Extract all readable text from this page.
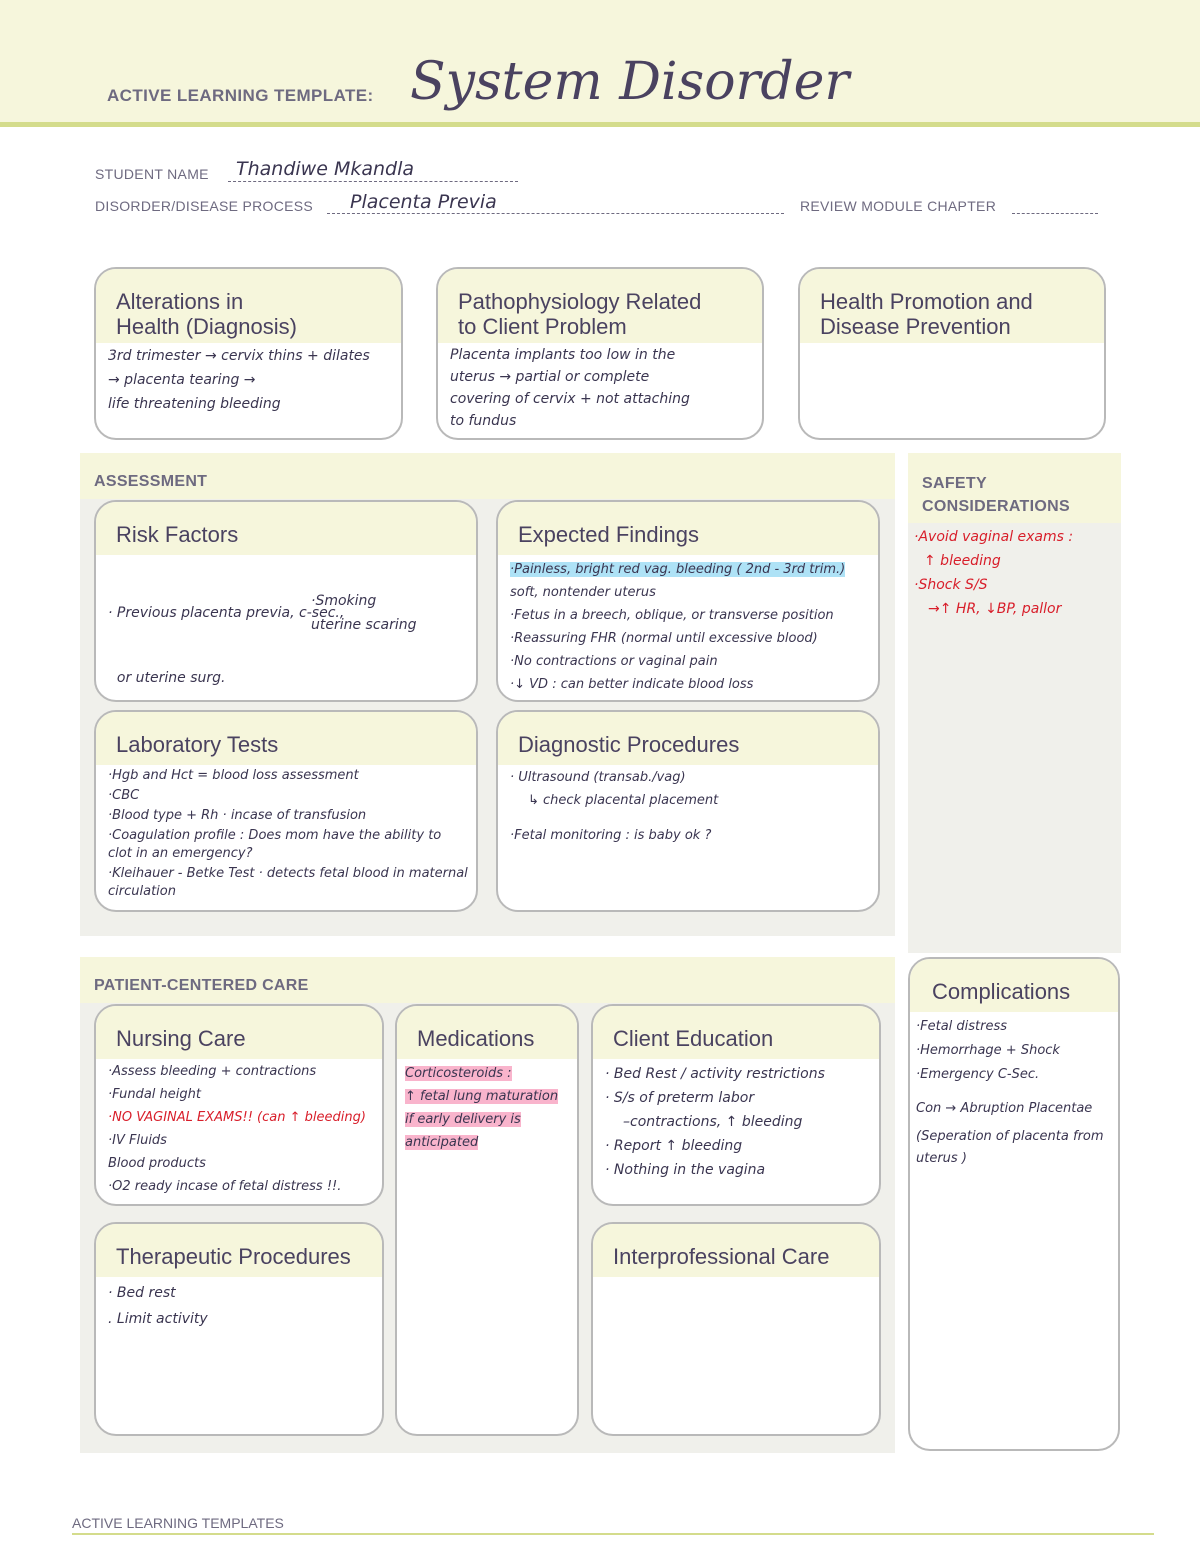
ACTIVE LEARNING TEMPLATE: System Disorder
STUDENT NAME Thandiwe Mkandla
DISORDER/DISEASE PROCESS Placenta Previa	REVIEW MODULE CHAPTER
Alterations in
Health (Diagnosis)
3rd trimester → cervix thins + dilates
→ placenta tearing →
life threatening bleeding
Pathophysiology Related
to Client Problem
Placenta implants too low in the
uterus → partial or complete
covering of cervix + not attaching
to fundus
Health Promotion and
Disease Prevention
ASSESSMENT
Risk Factors

· Previous placenta previa, c-sec.,

or uterine surg.

·Smoking
uterine scaring
Expected Findings
·Painless, bright red vag. bleeding ( 2nd - 3rd trim.)
soft, nontender uterus
·Fetus in a breech, oblique, or transverse position
·Reassuring FHR (normal until excessive blood)
·No contractions or vaginal pain
·↓ VD : can better indicate blood loss
Laboratory Tests
·Hgb and Hct = blood loss assessment
·CBC
·Blood type + Rh · incase of transfusion
·Coagulation profile : Does mom have the ability to clot in an emergency?
·Kleihauer - Betke Test · detects fetal blood in maternal circulation
Diagnostic Procedures
· Ultrasound (transab./vag)
↳ check placental placement
·Fetal monitoring : is baby ok ?
SAFETY
CONSIDERATIONS
·Avoid vaginal exams :
↑ bleeding
·Shock S/S
→↑ HR, ↓BP, pallor
PATIENT-CENTERED CARE
Nursing Care
·Assess bleeding + contractions
·Fundal height
·NO VAGINAL EXAMS!! (can ↑ bleeding)
·IV Fluids
Blood products
·O2 ready incase of fetal distress !!.
Medications
Corticosteroids :
↑ fetal lung maturation
if early delivery is
anticipated
Client Education
· Bed Rest / activity restrictions
· S/s of preterm labor
–contractions, ↑ bleeding
· Report ↑ bleeding
· Nothing in the vagina
Therapeutic Procedures
· Bed rest
. Limit activity
Interprofessional Care
Complications
·Fetal distress
·Hemorrhage + Shock
·Emergency C-Sec.
Con → Abruption Placentae
(Seperation of placenta from uterus )
ACTIVE LEARNING TEMPLATES
